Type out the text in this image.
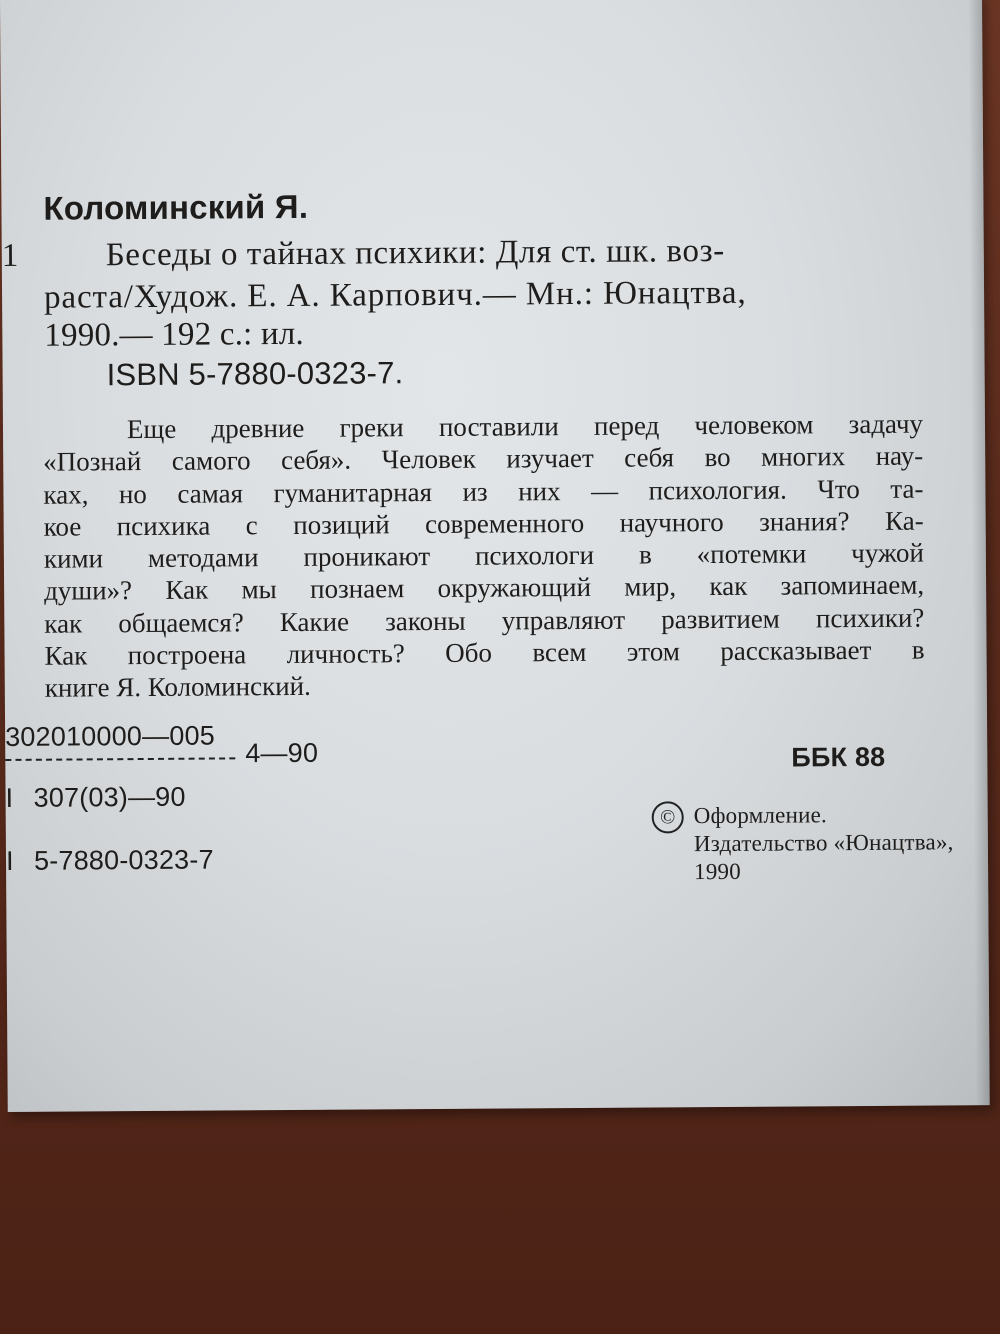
Коломинский Я.
1	Беседы о тайнах психики: Для ст. шк. воз-
раста/Худож. Е. А. Карпович.— Мн.: Юнацтва,
1990.— 192 с.: ил.
ISBN 5-7880-0323-7.
Еще древние греки поставили перед человеком задачу
«Познай самого себя». Человек изучает себя во многих нау-
ках, но самая гуманитарная из них — психология. Что та-
кое психика с позиций современного научного знания? Ка-
кими методами проникают психологи в «потемки чужой
души»? Как мы познаем окружающий мир, как запоминаем,
как общаемся? Какие законы управляют развитием психики?
Как построена личность? Обо всем этом рассказывает в
книге Я. Коломинский.
302010000—005
4—90
I 307(03)—90
I 5-7880-0323-7
ББК 88
© Оформление.
Издательство «Юнацтва»,
1990
